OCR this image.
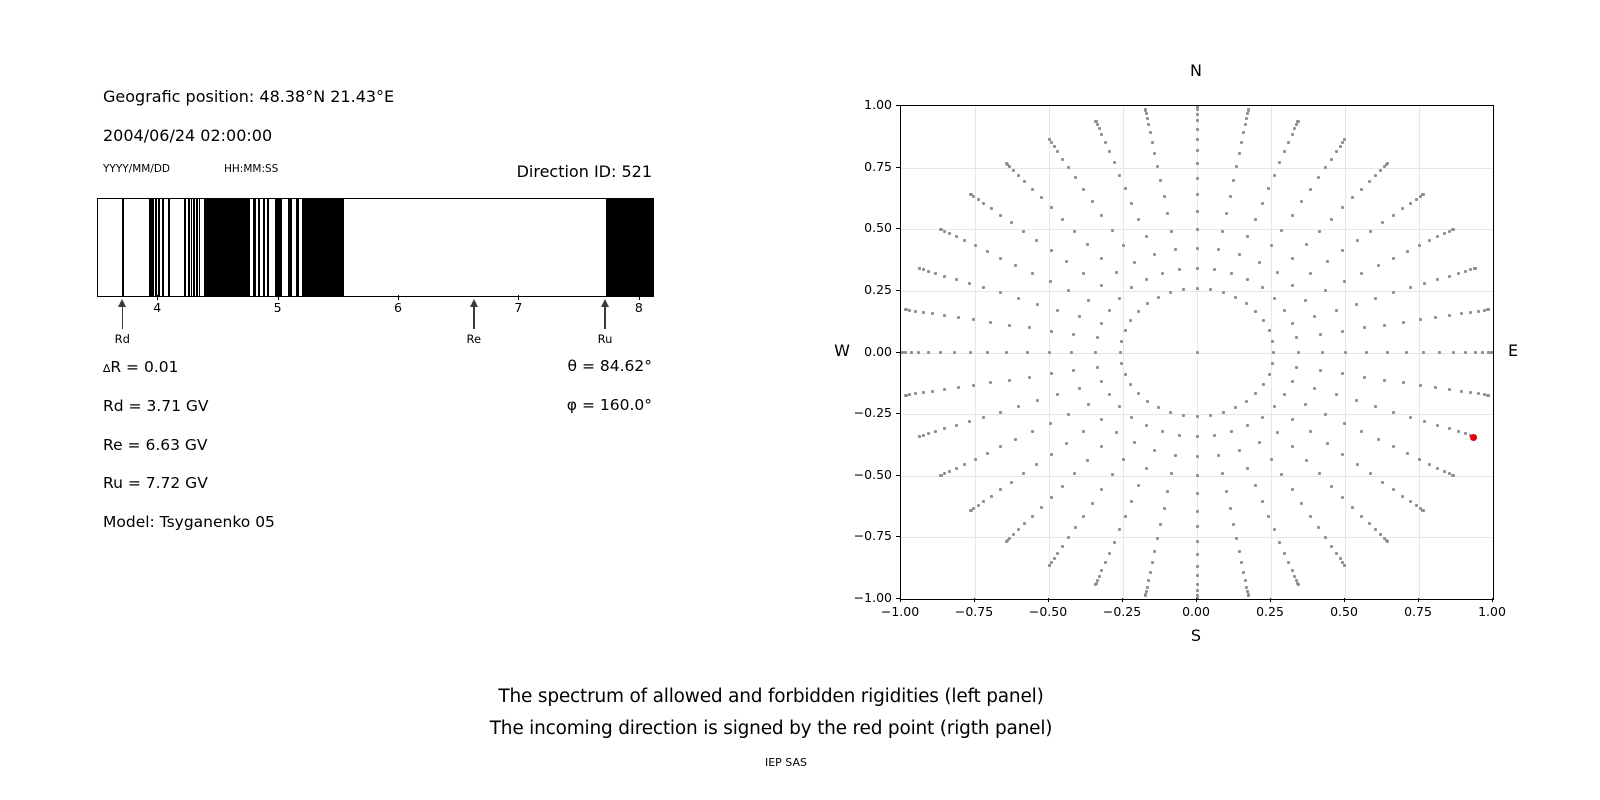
Geografic position: 48.38°N 21.43°E
2004/06/24 02:00:00
YYYY/MM/DD	HH:MM:SS	Direction ID: 521
4	5	6	7	8
Rd	Re	Ru
∆R = 0.01
Rd = 3.71 GV
Re = 6.63 GV
Ru = 7.72 GV
Model: Tsyganenko 05
θ = 84.62°
φ = 160.0°
N
S
W	E
1.00
0.75
0.50
0.25
0.00
−0.25
−0.50
−0.75
−1.00
−1.00	−0.75	−0.50	−0.25	0.00	0.25	0.50	0.75	1.00
The spectrum of allowed and forbidden rigidities (left panel)
The incoming direction is signed by the red point (rigth panel)
IEP SAS
